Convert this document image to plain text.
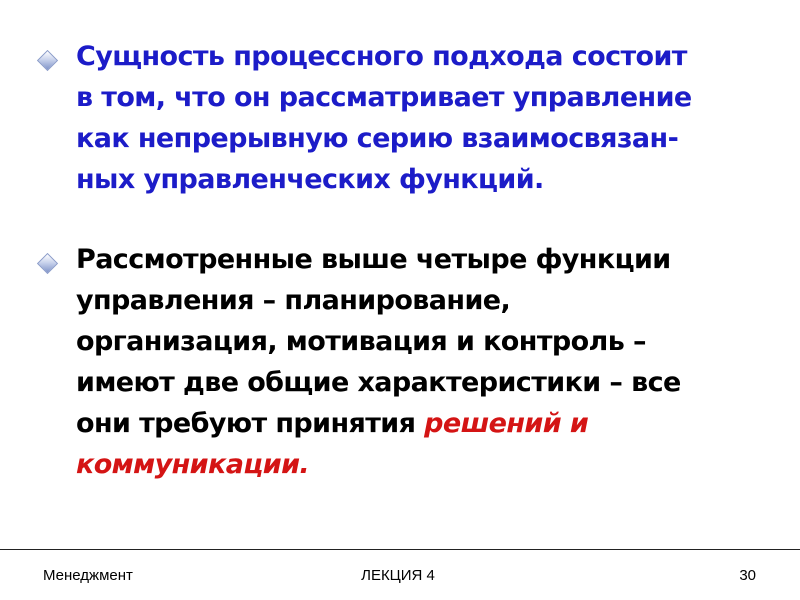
Сущность процессного подхода состоит
в том, что он рассматривает управление
как непрерывную серию взаимосвязан-
ных управленческих функций.
Рассмотренные выше четыре функции
управления – планирование,
организация, мотивация и контроль –
имеют две общие характеристики – все
они требуют принятия решений и
коммуникации.
Менеджмент	ЛЕКЦИЯ 4	30
